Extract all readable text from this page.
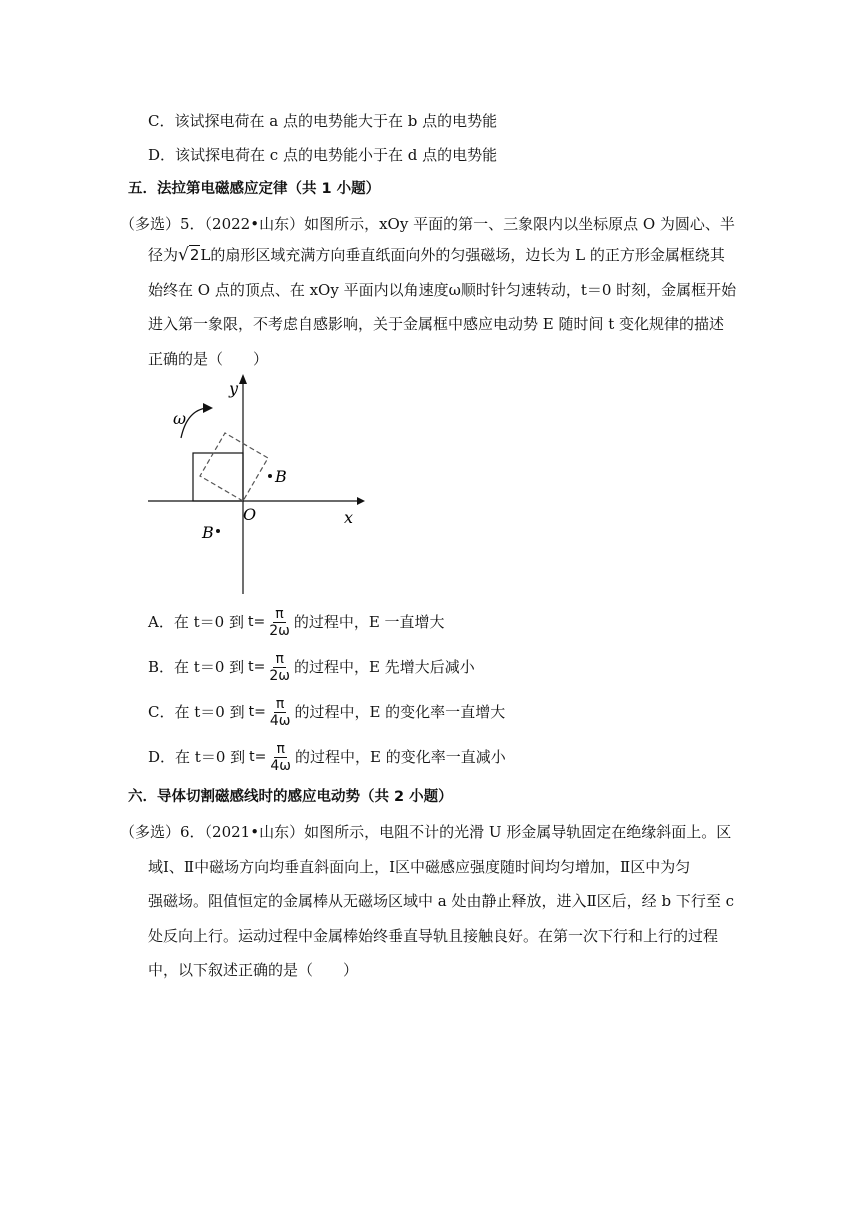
C．该试探电荷在 a 点的电势能大于在 b 点的电势能
D．该试探电荷在 c 点的电势能小于在 d 点的电势能
五．法拉第电磁感应定律（共 1 小题）
（多选）5．（2022•山东）如图所示，xOy 平面的第一、三象限内以坐标原点 O 为圆心、半
径为√2L的扇形区域充满方向垂直纸面向外的匀强磁场，边长为 L 的正方形金属框绕其
始终在 O 点的顶点、在 xOy 平面内以角速度ω顺时针匀速转动，t＝0 时刻，金属框开始
进入第一象限，不考虑自感影响，关于金属框中感应电动势 E 随时间 t 变化规律的描述
正确的是（　　）
y
x
O
ω
B
B
A．在 t＝0 到 $t= \frac{\pi}{2\omega}$ 的过程中，E 一直增大
B．在 t＝0 到 $t= \frac{\pi}{2\omega}$ 的过程中，E 先增大后减小
C．在 t＝0 到 $t= \frac{\pi}{4\omega}$ 的过程中，E 的变化率一直增大
D．在 t＝0 到 $t= \frac{\pi}{4\omega}$ 的过程中，E 的变化率一直减小
六．导体切割磁感线时的感应电动势（共 2 小题）
（多选）6．（2021•山东）如图所示，电阻不计的光滑 U 形金属导轨固定在绝缘斜面上。区
域Ⅰ、Ⅱ中磁场方向均垂直斜面向上，Ⅰ区中磁感应强度随时间均匀增加，Ⅱ区中为匀
强磁场。阻值恒定的金属棒从无磁场区域中 a 处由静止释放，进入Ⅱ区后，经 b 下行至 c
处反向上行。运动过程中金属棒始终垂直导轨且接触良好。在第一次下行和上行的过程
中，以下叙述正确的是（　　）
